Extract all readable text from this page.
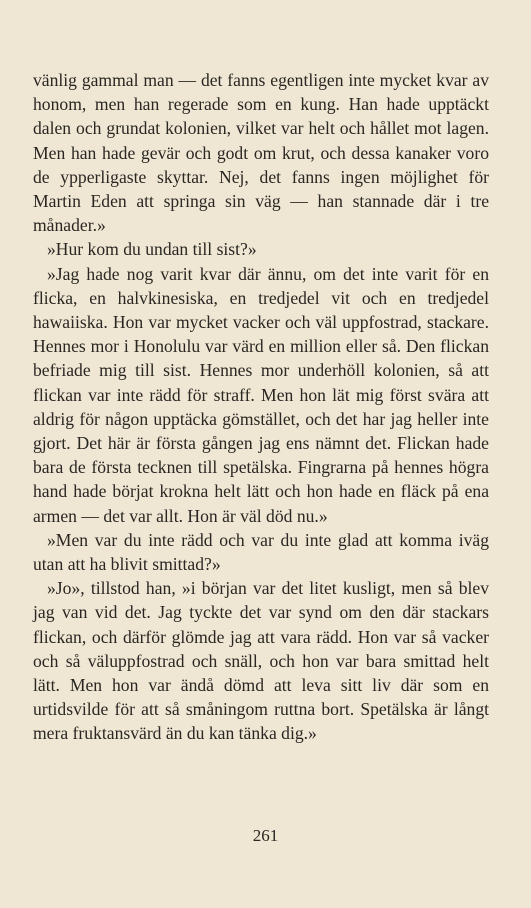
vänlig gammal man — det fanns egentligen inte mycket kvar av honom, men han regerade som en kung. Han hade upptäckt dalen och grundat kolonien, vilket var helt och hållet mot lagen. Men han hade gevär och godt om krut, och dessa kanaker voro de ypperligaste skyttar. Nej, det fanns ingen möjlighet för Martin Eden att springa sin väg — han stannade där i tre månader.»

»Hur kom du undan till sist?»

»Jag hade nog varit kvar där ännu, om det inte varit för en flicka, en halvkinesiska, en tredjedel vit och en tredjedel hawaiiska. Hon var mycket vacker och väl uppfostrad, stackare. Hennes mor i Honolulu var värd en million eller så. Den flickan befriade mig till sist. Hennes mor underhöll kolonien, så att flickan var inte rädd för straff. Men hon lät mig först svära att aldrig för någon upptäcka gömstället, och det har jag heller inte gjort. Det här är första gången jag ens nämnt det. Flickan hade bara de första tecknen till spetälska. Fingrarna på hennes högra hand hade börjat krokna helt lätt och hon hade en fläck på ena armen — det var allt. Hon är väl död nu.»

»Men var du inte rädd och var du inte glad att komma iväg utan att ha blivit smittad?»

»Jo», tillstod han, »i början var det litet kusligt, men så blev jag van vid det. Jag tyckte det var synd om den där stackars flickan, och därför glömde jag att vara rädd. Hon var så vacker och så väluppfostrad och snäll, och hon var bara smittad helt lätt. Men hon var ändå dömd att leva sitt liv där som en urtidsvilde för att så småningom ruttna bort. Spetälska är långt mera fruktansvärd än du kan tänka dig.»

261
